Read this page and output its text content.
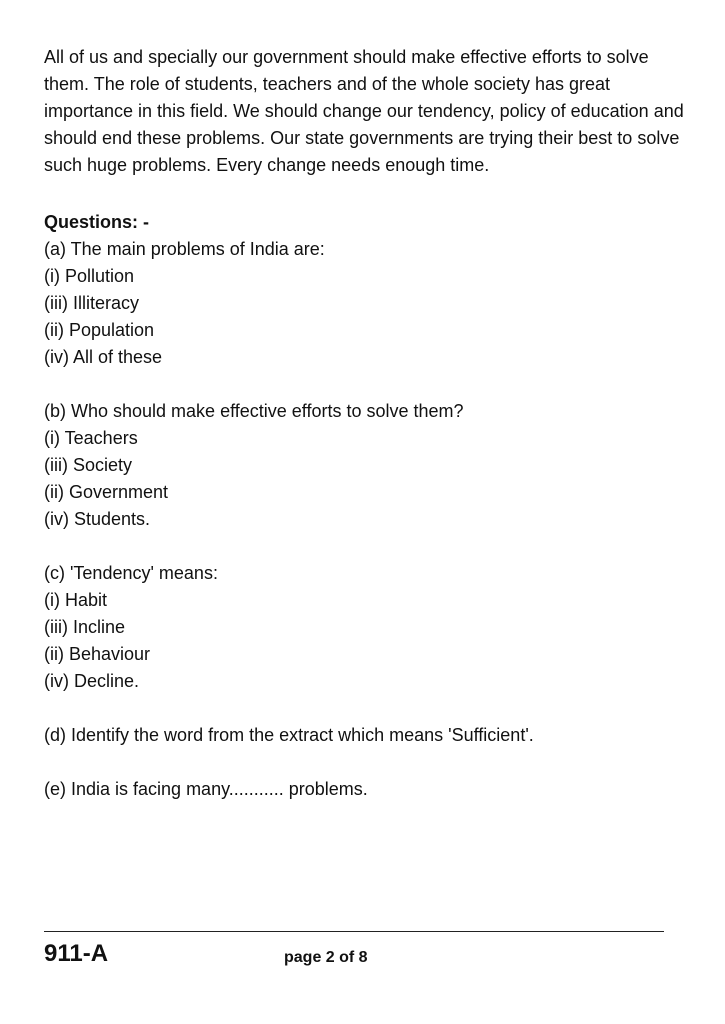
All of us and specially our government should make effective efforts to solve them. The role of students, teachers and of the whole society has great importance in this field. We should change our tendency, policy of education and should end these problems. Our state governments are trying their best to solve such huge problems. Every change needs enough time.

Questions: -
(a) The main problems of India are:
(i) Pollution
(iii) Illiteracy
(ii) Population
(iv) All of these
(b) Who should make effective efforts to solve them?
(i) Teachers
(iii) Society
(ii) Government
(iv) Students.
(c) 'Tendency' means:
(i) Habit
(iii) Incline
(ii) Behaviour
(iv) Decline.
(d) Identify the word from the extract which means 'Sufficient'.
(e) India is facing many........... problems.
911-A	page 2 of 8
